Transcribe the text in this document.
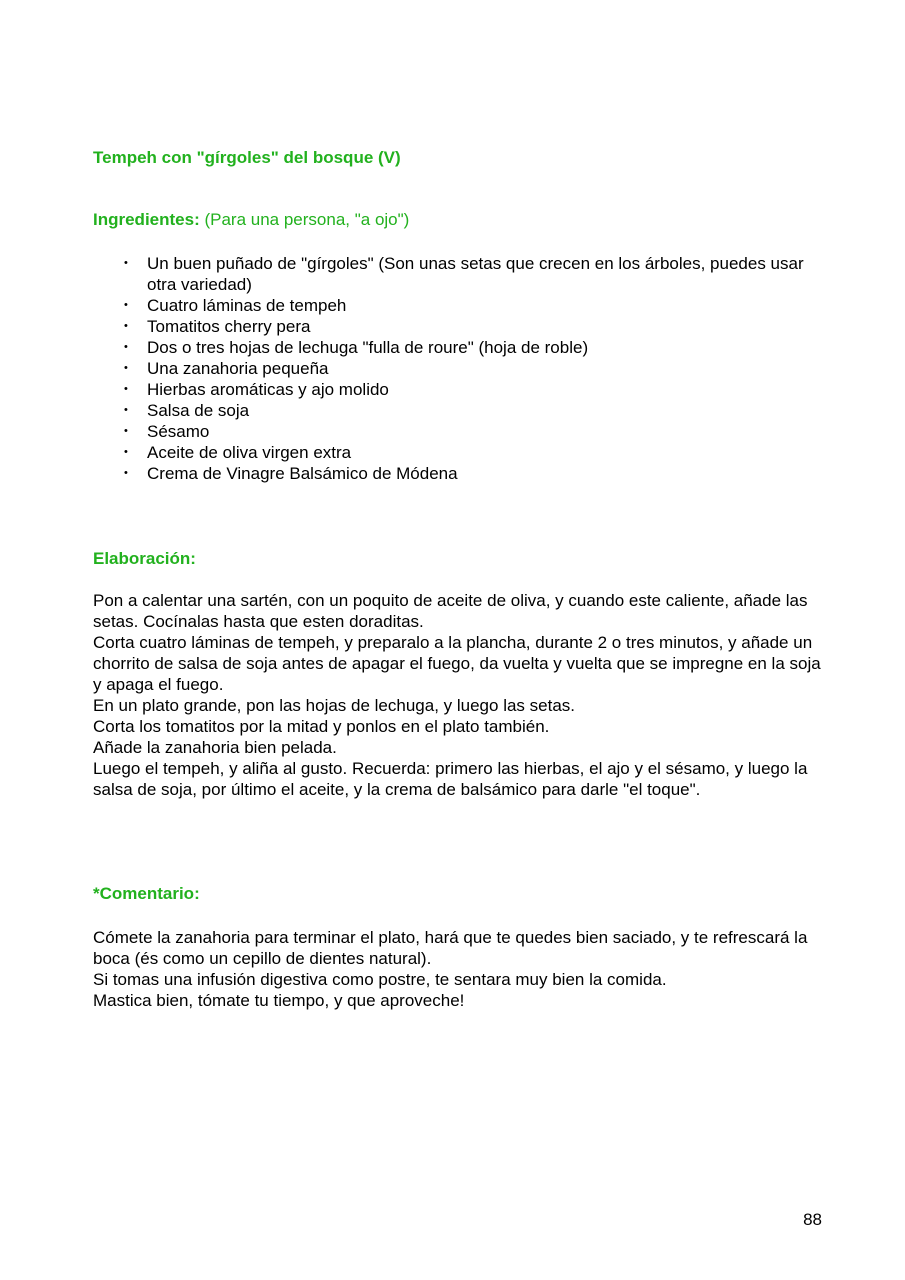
Tempeh con "gírgoles" del bosque (V)
Ingredientes: (Para una persona, "a ojo")
• Un buen puñado de "gírgoles" (Son unas setas que crecen en los árboles, puedes usar otra variedad)
• Cuatro láminas de tempeh
• Tomatitos cherry pera
• Dos o tres hojas de lechuga "fulla de roure" (hoja de roble)
• Una zanahoria pequeña
• Hierbas aromáticas y ajo molido
• Salsa de soja
• Sésamo
• Aceite de oliva virgen extra
• Crema de Vinagre Balsámico de Módena
Elaboración:

Pon a calentar una sartén, con un poquito de aceite de oliva, y cuando este caliente, añade las setas. Cocínalas hasta que esten doraditas.

Corta cuatro láminas de tempeh, y preparalo a la plancha, durante 2 o tres minutos, y añade un chorrito de salsa de soja antes de apagar el fuego, da vuelta y vuelta que se impregne en la soja y apaga el fuego.

En un plato grande, pon las hojas de lechuga, y luego las setas.

Corta los tomatitos por la mitad y ponlos en el plato también.

Añade la zanahoria bien pelada.

Luego el tempeh, y aliña al gusto. Recuerda: primero las hierbas, el ajo y el sésamo, y luego la salsa de soja, por último el aceite, y la crema de balsámico para darle "el toque".

*Comentario:

Cómete la zanahoria para terminar el plato, hará que te quedes bien saciado, y te refrescará la boca (és como un cepillo de dientes natural).

Si tomas una infusión digestiva como postre, te sentara muy bien la comida.

Mastica bien, tómate tu tiempo, y que aproveche!

88
